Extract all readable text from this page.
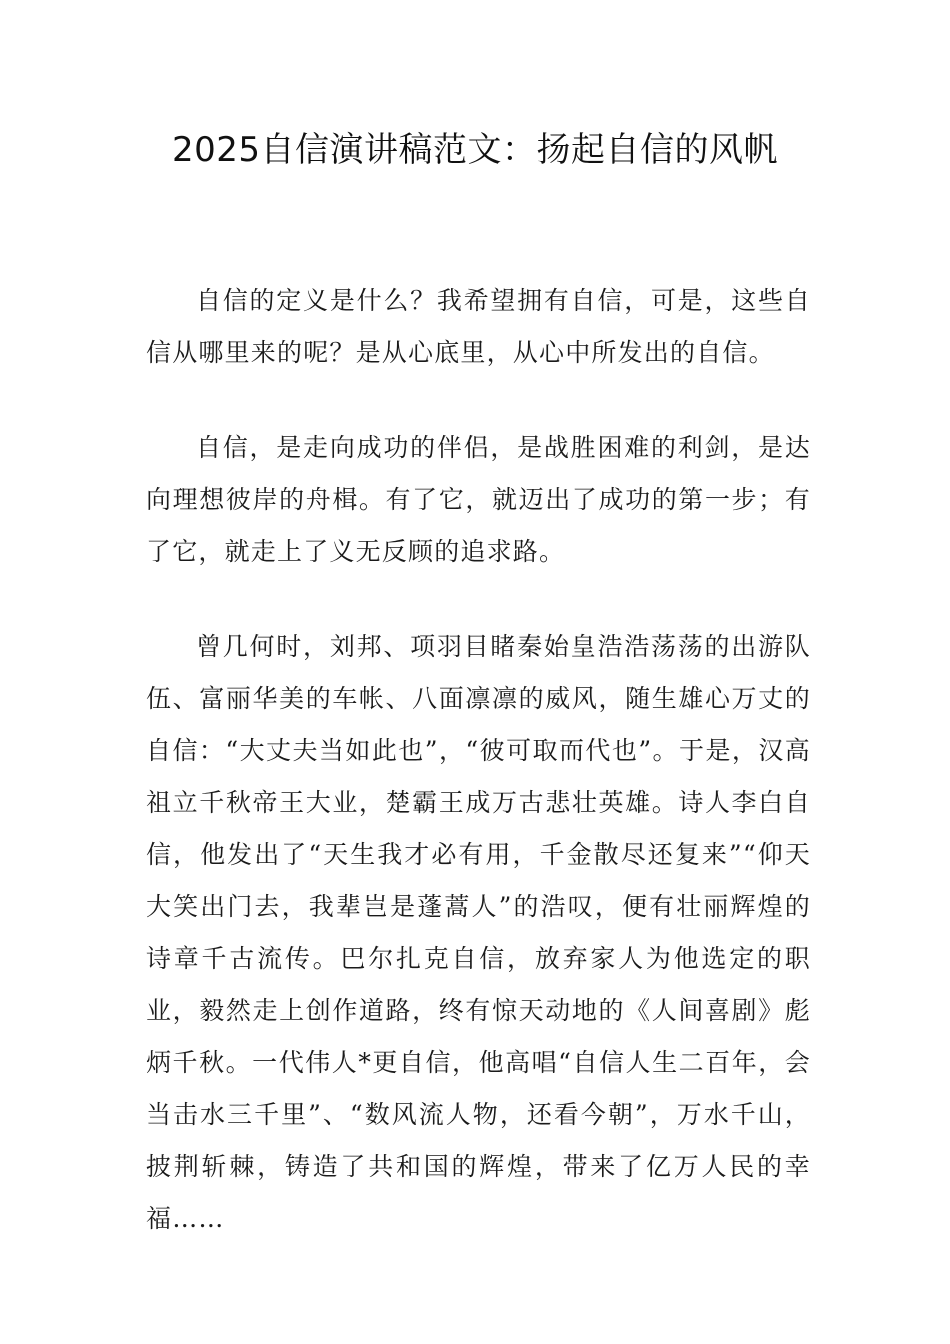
2025自信演讲稿范文：扬起自信的风帆

自信的定义是什么？我希望拥有自信，可是，这些自信从哪里来的呢？是从心底里，从心中所发出的自信。

自信，是走向成功的伴侣，是战胜困难的利剑，是达向理想彼岸的舟楫。有了它，就迈出了成功的第一步；有了它，就走上了义无反顾的追求路。

曾几何时，刘邦、项羽目睹秦始皇浩浩荡荡的出游队伍、富丽华美的车帐、八面凛凛的威风，随生雄心万丈的自信：“大丈夫当如此也”，“彼可取而代也”。于是，汉高祖立千秋帝王大业，楚霸王成万古悲壮英雄。诗人李白自信，他发出了“天生我才必有用，千金散尽还复来”“仰天大笑出门去，我辈岂是蓬蒿人”的浩叹，便有壮丽辉煌的诗章千古流传。巴尔扎克自信，放弃家人为他选定的职业，毅然走上创作道路，终有惊天动地的《人间喜剧》彪炳千秋。一代伟人*更自信，他高唱“自信人生二百年，会当击水三千里”、“数风流人物，还看今朝”，万水千山，披荆斩棘，铸造了共和国的辉煌，带来了亿万人民的幸福……
